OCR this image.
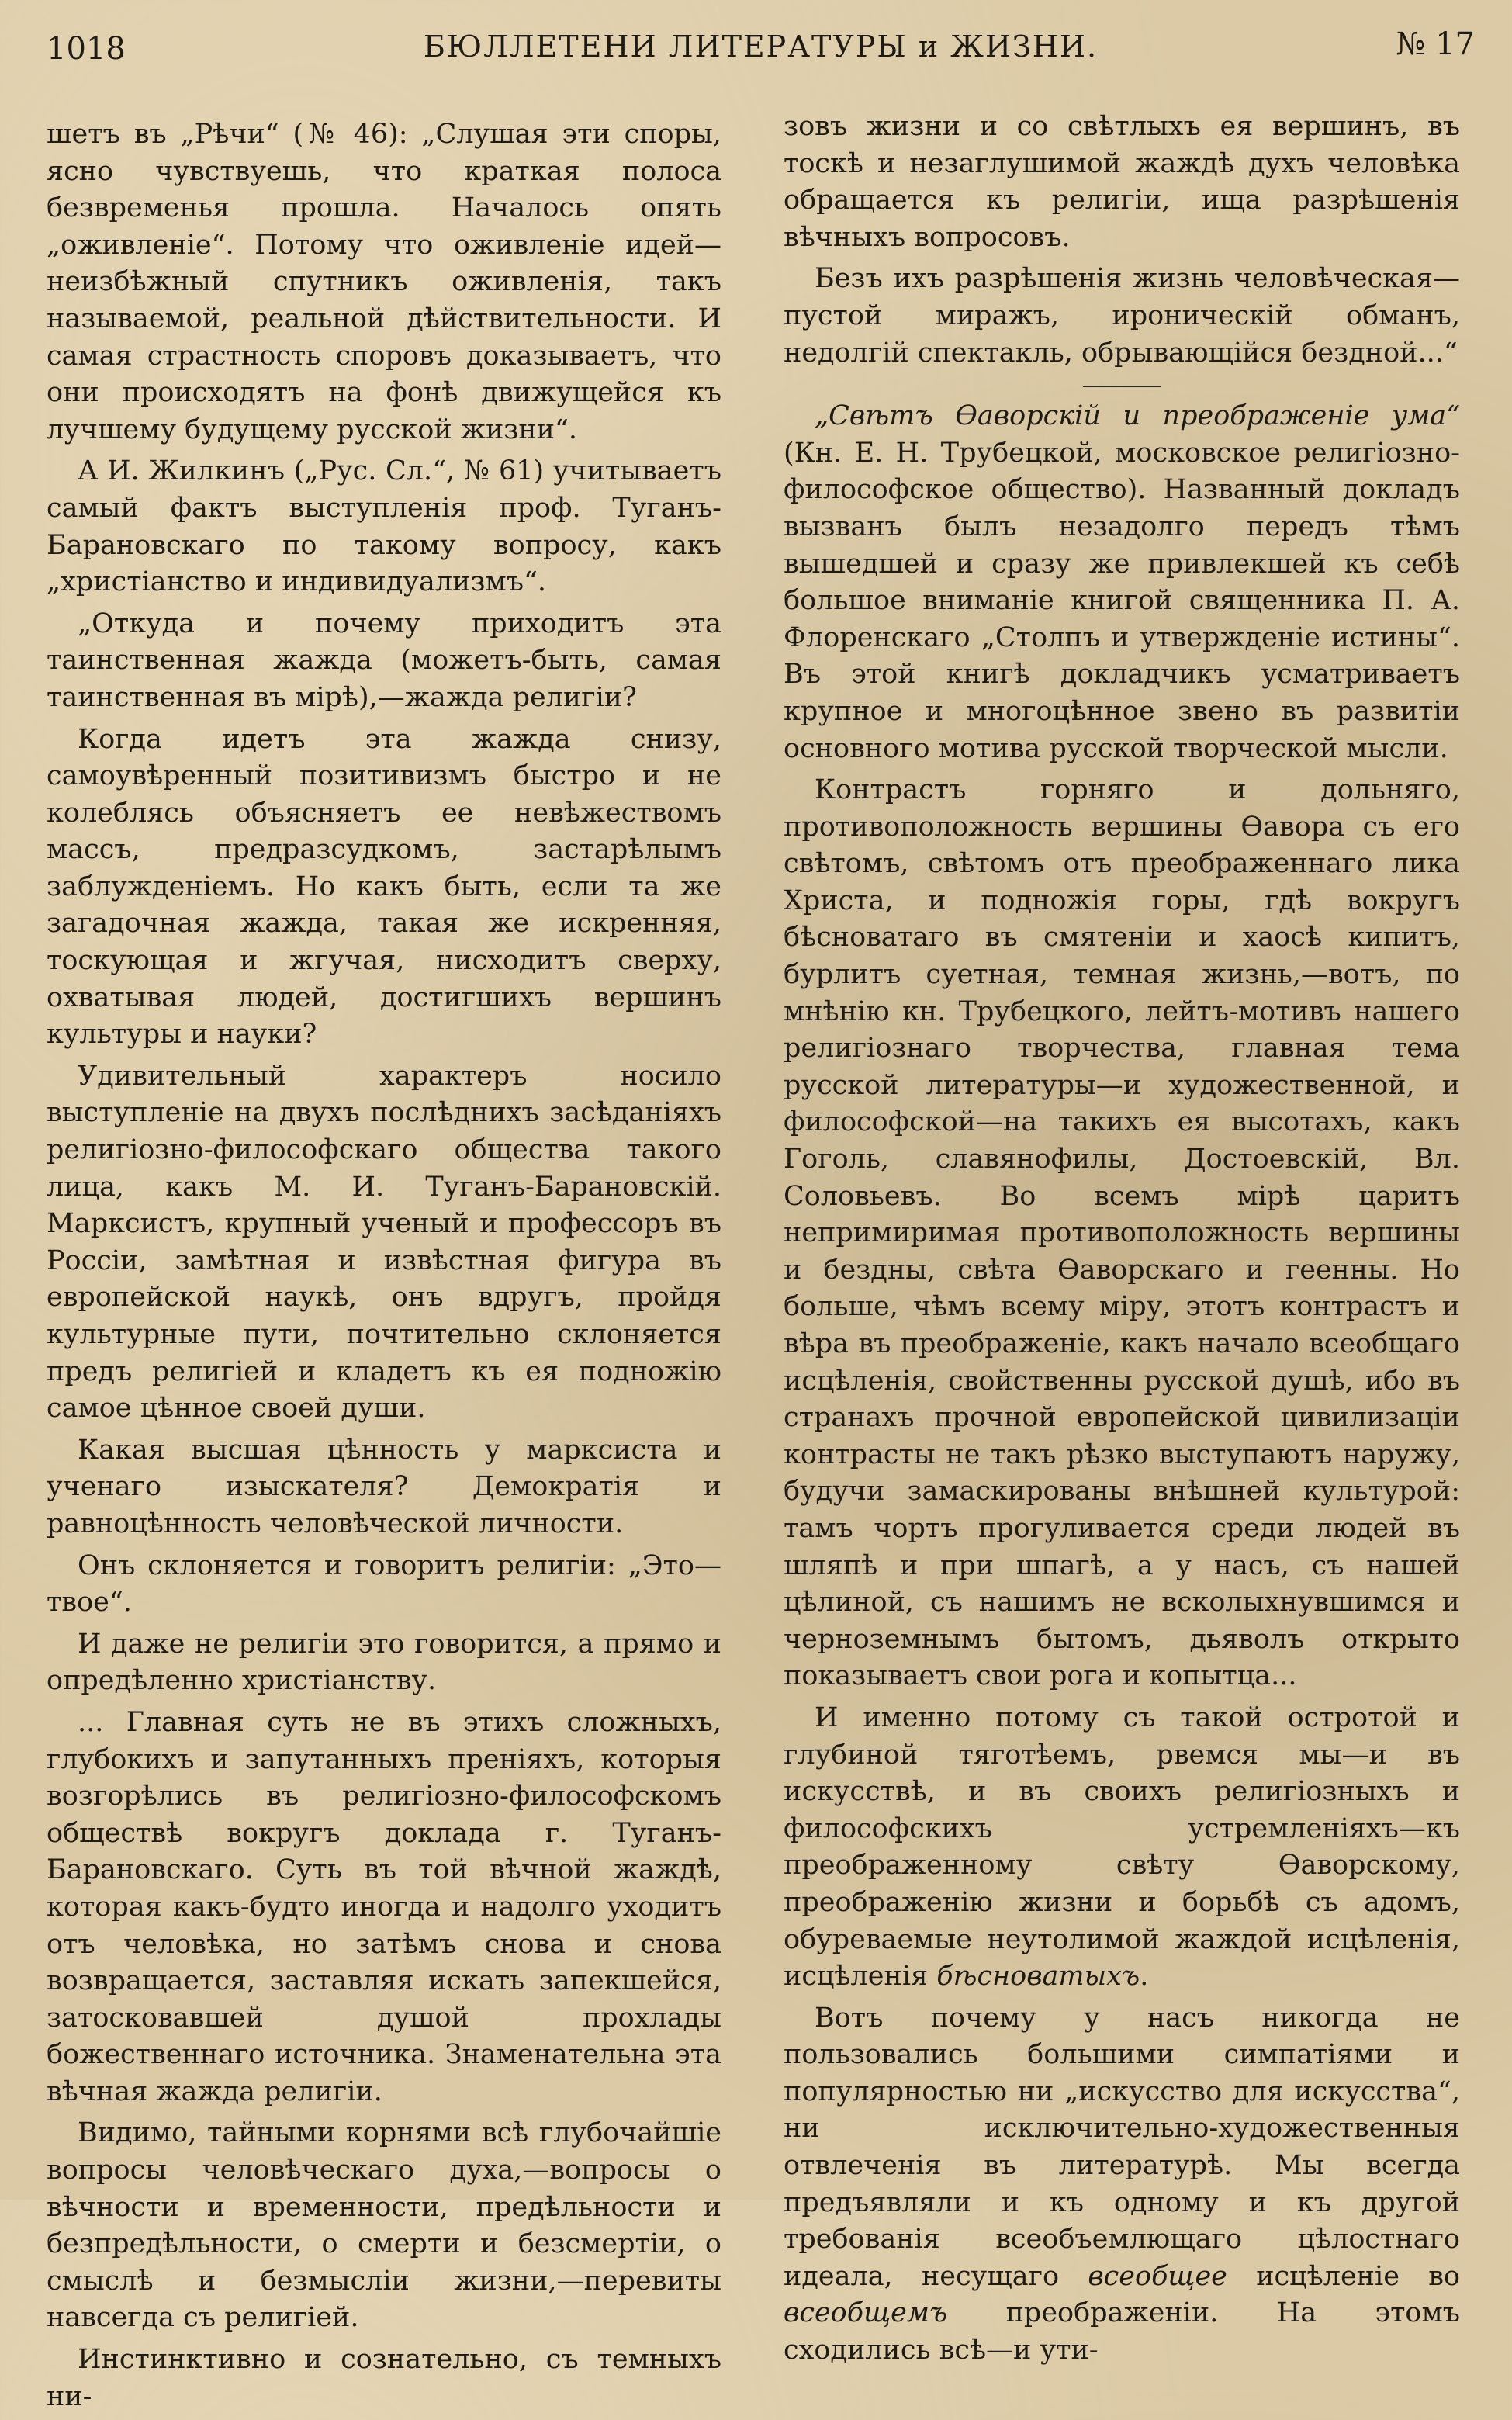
1018	БЮЛЛЕТЕНИ ЛИТЕРАТУРЫ и ЖИЗНИ.	№ 17

шетъ въ „Рѣчи“ (№ 46): „Слушая эти споры, ясно чувствуешь, что краткая полоса безвременья прошла. Началось опять „оживленіе“. Потому что оживленіе идей—неизбѣжный спутникъ оживленія, такъ называемой, реальной дѣйствительности. И самая страстность споровъ доказываетъ, что они происходятъ на фонѣ движущейся къ лучшему будущему русской жизни“.

А И. Жилкинъ („Рус. Сл.“, № 61) учитываетъ самый фактъ выступленія проф. Туганъ-Барановскаго по такому вопросу, какъ „христіанство и индивидуализмъ“.

„Откуда и почему приходитъ эта таинственная жажда (можетъ-быть, самая таинственная въ мірѣ),—жажда религіи?

Когда идетъ эта жажда снизу, самоувѣренный позитивизмъ быстро и не колеблясь объясняетъ ее невѣжествомъ массъ, предразсудкомъ, застарѣлымъ заблужденіемъ. Но какъ быть, если та же загадочная жажда, такая же искренняя, тоскующая и жгучая, нисходитъ сверху, охватывая людей, достигшихъ вершинъ культуры и науки?

Удивительный характеръ носило выступленіе на двухъ послѣднихъ засѣданіяхъ религіозно-философскаго общества такого лица, какъ М. И. Туганъ-Барановскій. Марксистъ, крупный ученый и профессоръ въ Россіи, замѣтная и извѣстная фигура въ европейской наукѣ, онъ вдругъ, пройдя культурные пути, почтительно склоняется предъ религіей и кладетъ къ ея подножію самое цѣнное своей души.

Какая высшая цѣнность у марксиста и ученаго изыскателя? Демократія и равноцѣнность человѣческой личности.

Онъ склоняется и говоритъ религіи: „Это—твое“.

И даже не религіи это говорится, а прямо и опредѣленно христіанству.

... Главная суть не въ этихъ сложныхъ, глубокихъ и запутанныхъ преніяхъ, которыя возгорѣлись въ религіозно-философскомъ обществѣ вокругъ доклада г. Туганъ-Барановскаго. Суть въ той вѣчной жаждѣ, которая какъ-будто иногда и надолго уходитъ отъ человѣка, но затѣмъ снова и снова возвращается, заставляя искать запекшейся, затосковавшей душой прохлады божественнаго источника. Знаменательна эта вѣчная жажда религіи.

Видимо, тайными корнями всѣ глубочайшіе вопросы человѣческаго духа,—вопросы о вѣчности и временности, предѣльности и безпредѣльности, о смерти и безсмертіи, о смыслѣ и безмысліи жизни,—перевиты навсегда съ религіей.

Инстинктивно и сознательно, съ темныхъ ни-

зовъ жизни и со свѣтлыхъ ея вершинъ, въ тоскѣ и незаглушимой жаждѣ духъ человѣка обращается къ религіи, ища разрѣшенія вѣчныхъ вопросовъ.

Безъ ихъ разрѣшенія жизнь человѣческая—пустой миражъ, ироническій обманъ, недолгій спектакль, обрывающійся бездной...“

„Свѣтъ Ѳаворскій и преображеніе ума“ (Кн. Е. Н. Трубецкой, московское религіозно-философское общество). Названный докладъ вызванъ былъ незадолго передъ тѣмъ вышедшей и сразу же привлекшей къ себѣ большое вниманіе книгой священника П. А. Флоренскаго „Столпъ и утвержденіе истины“. Въ этой книгѣ докладчикъ усматриваетъ крупное и многоцѣнное звено въ развитіи основного мотива русской творческой мысли.

Контрастъ горняго и дольняго, противоположность вершины Ѳавора съ его свѣтомъ, свѣтомъ отъ преображеннаго лика Христа, и подножія горы, гдѣ вокругъ бѣсноватаго въ смятеніи и хаосѣ кипитъ, бурлитъ суетная, темная жизнь,—вотъ, по мнѣнію кн. Трубецкого, лейтъ-мотивъ нашего религіознаго творчества, главная тема русской литературы—и художественной, и философской—на такихъ ея высотахъ, какъ Гоголь, славянофилы, Достоевскій, Вл. Соловьевъ. Во всемъ мірѣ царитъ непримиримая противоположность вершины и бездны, свѣта Ѳаворскаго и геенны. Но больше, чѣмъ всему міру, этотъ контрастъ и вѣра въ преображеніе, какъ начало всеобщаго исцѣленія, свойственны русской душѣ, ибо въ странахъ прочной европейской цивилизаціи контрасты не такъ рѣзко выступаютъ наружу, будучи замаскированы внѣшней культурой: тамъ чортъ прогуливается среди людей въ шляпѣ и при шпагѣ, а у насъ, съ нашей цѣлиной, съ нашимъ не всколыхнувшимся и черноземнымъ бытомъ, дьяволъ открыто показываетъ свои рога и копытца...

И именно потому съ такой остротой и глубиной тяготѣемъ, рвемся мы—и въ искусствѣ, и въ своихъ религіозныхъ и философскихъ устремленіяхъ—къ преображенному свѣту Ѳаворскому, преображенію жизни и борьбѣ съ адомъ, обуреваемые неутолимой жаждой исцѣленія, исцѣленія бѣсноватыхъ.

Вотъ почему у насъ никогда не пользовались большими симпатіями и популярностью ни „искусство для искусства“, ни исключительно-художественныя отвлеченія въ литературѣ. Мы всегда предъявляли и къ одному и къ другой требованія всеобъемлющаго цѣлостнаго идеала, несущаго всеобщее исцѣленіе во всеобщемъ преображеніи. На этомъ сходились всѣ—и ути-
